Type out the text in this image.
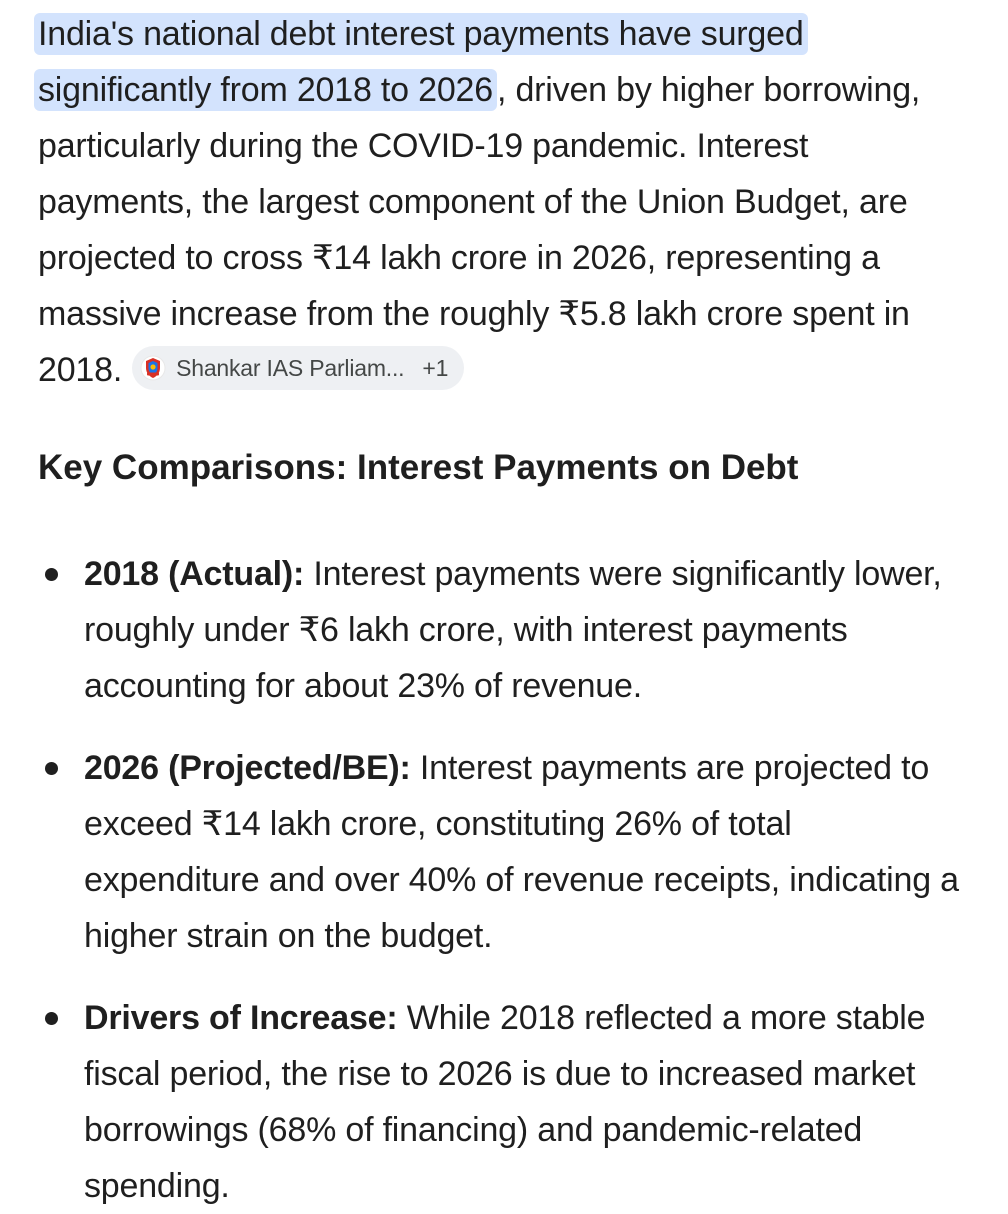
India's national debt interest payments have surged significantly from 2018 to 2026 , driven by higher borrowing, particularly during the COVID-19 pandemic. Interest payments, the largest component of the Union Budget, are projected to cross ₹14 lakh crore in 2026, representing a massive increase from the roughly ₹5.8 lakh crore spent in 2018. Shankar IAS Parliam... +1

Key Comparisons: Interest Payments on Debt
2018 (Actual): Interest payments were significantly lower, roughly under ₹6 lakh crore, with interest payments accounting for about 23% of revenue.
2026 (Projected/BE): Interest payments are projected to exceed ₹14 lakh crore, constituting 26% of total expenditure and over 40% of revenue receipts, indicating a higher strain on the budget.
Drivers of Increase: While 2018 reflected a more stable fiscal period, the rise to 2026 is due to increased market borrowings (68% of financing) and pandemic-related spending.
